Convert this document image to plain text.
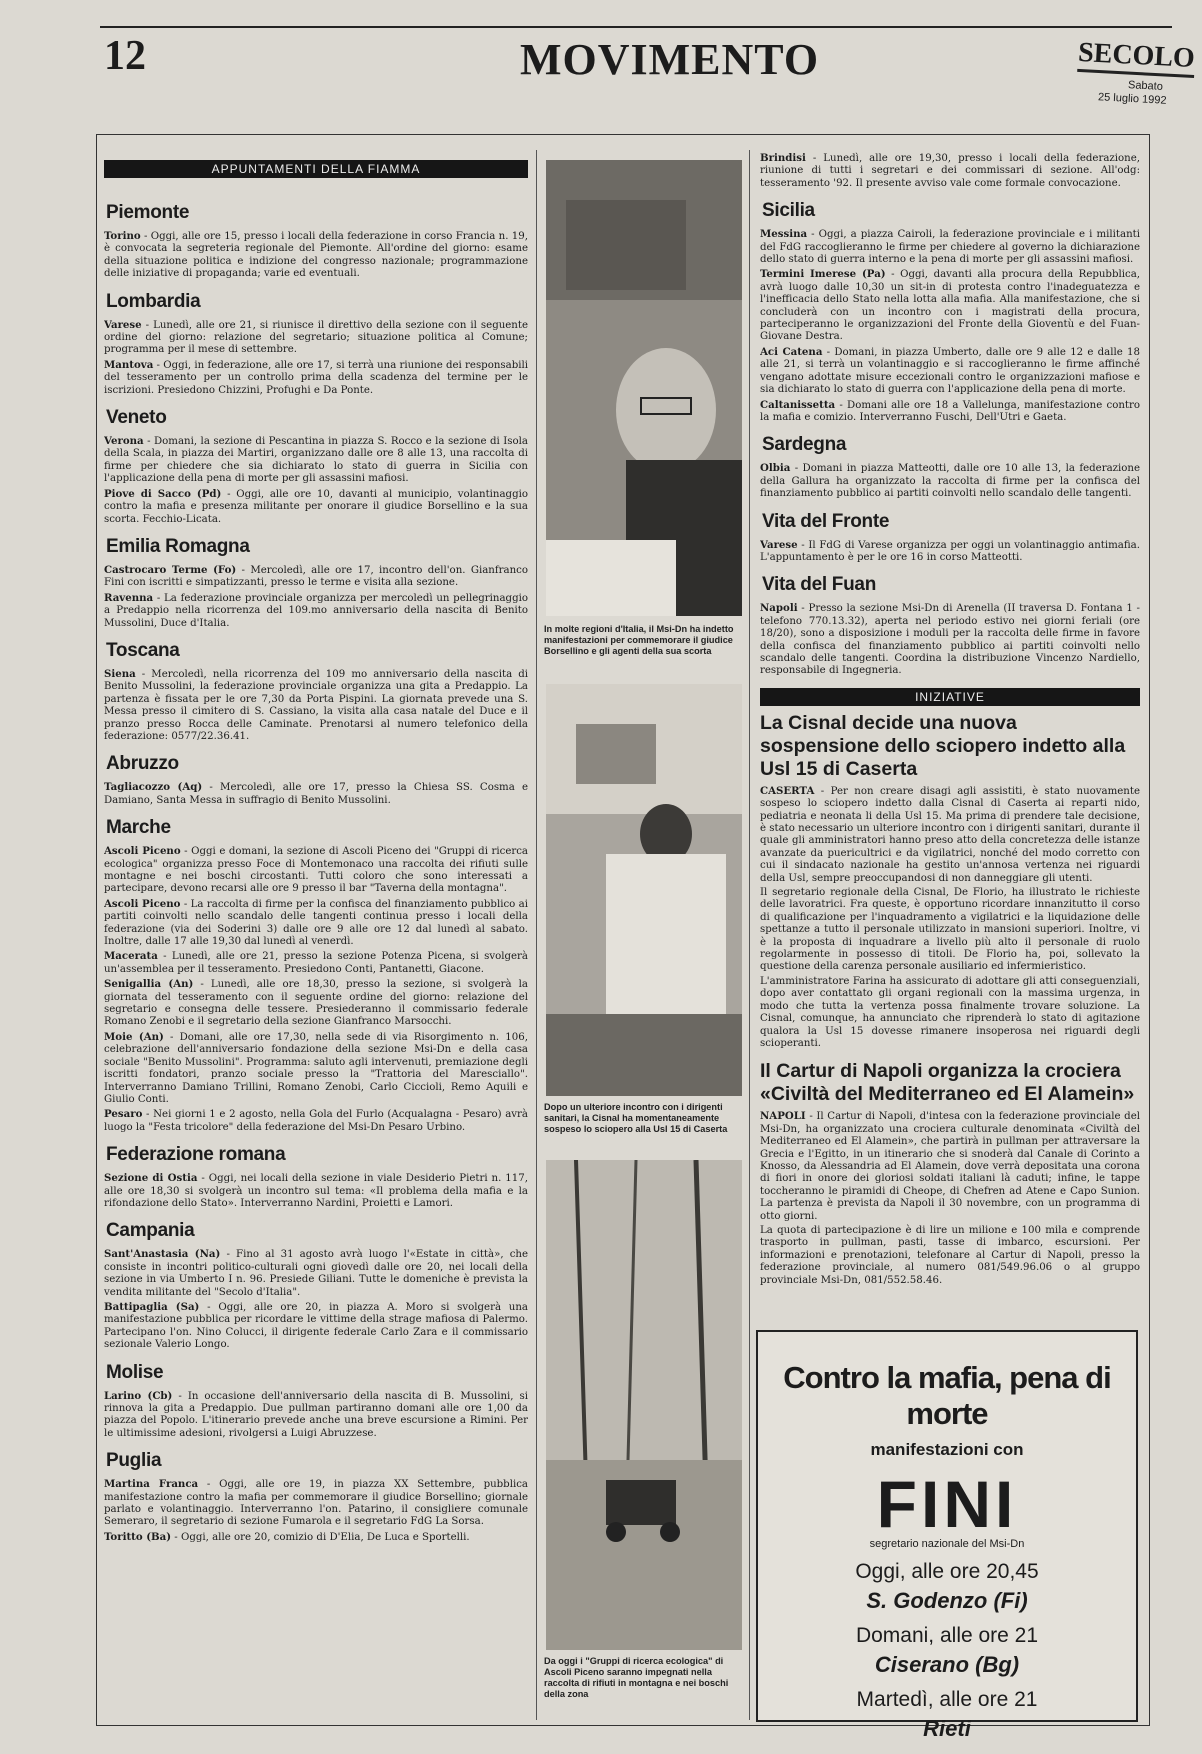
12	MOVIMENTO	SECOLO
Sabato
25 luglio 1992
APPUNTAMENTI DELLA FIAMMA
Piemonte

Torino - Oggi, alle ore 15, presso i locali della federazione in corso Francia n. 19, è convocata la segreteria regionale del Piemonte. All'ordine del giorno: esame della situazione politica e indizione del congresso nazionale; programmazione delle iniziative di propaganda; varie ed eventuali.

Lombardia

Varese - Lunedì, alle ore 21, si riunisce il direttivo della sezione con il seguente ordine del giorno: relazione del segretario; situazione politica al Comune; programma per il mese di settembre.

Mantova - Oggi, in federazione, alle ore 17, si terrà una riunione dei responsabili del tesseramento per un controllo prima della scadenza del termine per le iscrizioni. Presiedono Chizzini, Profughi e Da Ponte.

Veneto

Verona - Domani, la sezione di Pescantina in piazza S. Rocco e la sezione di Isola della Scala, in piazza dei Martiri, organizzano dalle ore 8 alle 13, una raccolta di firme per chiedere che sia dichiarato lo stato di guerra in Sicilia con l'applicazione della pena di morte per gli assassini mafiosi.

Piove di Sacco (Pd) - Oggi, alle ore 10, davanti al municipio, volantinaggio contro la mafia e presenza militante per onorare il giudice Borsellino e la sua scorta. Fecchio-Licata.

Emilia Romagna

Castrocaro Terme (Fo) - Mercoledì, alle ore 17, incontro dell'on. Gianfranco Fini con iscritti e simpatizzanti, presso le terme e visita alla sezione.

Ravenna - La federazione provinciale organizza per mercoledì un pellegrinaggio a Predappio nella ricorrenza del 109.mo anniversario della nascita di Benito Mussolini, Duce d'Italia.

Toscana

Siena - Mercoledì, nella ricorrenza del 109 mo anniversario della nascita di Benito Mussolini, la federazione provinciale organizza una gita a Predappio. La partenza è fissata per le ore 7,30 da Porta Pispini. La giornata prevede una S. Messa presso il cimitero di S. Cassiano, la visita alla casa natale del Duce e il pranzo presso Rocca delle Caminate. Prenotarsi al numero telefonico della federazione: 0577/22.36.41.

Abruzzo

Tagliacozzo (Aq) - Mercoledì, alle ore 17, presso la Chiesa SS. Cosma e Damiano, Santa Messa in suffragio di Benito Mussolini.

Marche

Ascoli Piceno - Oggi e domani, la sezione di Ascoli Piceno dei "Gruppi di ricerca ecologica" organizza presso Foce di Montemonaco una raccolta dei rifiuti sulle montagne e nei boschi circostanti. Tutti coloro che sono interessati a partecipare, devono recarsi alle ore 9 presso il bar "Taverna della montagna".

Ascoli Piceno - La raccolta di firme per la confisca del finanziamento pubblico ai partiti coinvolti nello scandalo delle tangenti continua presso i locali della federazione (via dei Soderini 3) dalle ore 9 alle ore 12 dal lunedì al sabato. Inoltre, dalle 17 alle 19,30 dal lunedì al venerdì.

Macerata - Lunedì, alle ore 21, presso la sezione Potenza Picena, si svolgerà un'assemblea per il tesseramento. Presiedono Conti, Pantanetti, Giacone.

Senigallia (An) - Lunedì, alle ore 18,30, presso la sezione, si svolgerà la giornata del tesseramento con il seguente ordine del giorno: relazione del segretario e consegna delle tessere. Presiederanno il commissario federale Romano Zenobi e il segretario della sezione Gianfranco Marsocchi.

Moie (An) - Domani, alle ore 17,30, nella sede di via Risorgimento n. 106, celebrazione dell'anniversario fondazione della sezione Msi-Dn e della casa sociale "Benito Mussolini". Programma: saluto agli intervenuti, premiazione degli iscritti fondatori, pranzo sociale presso la "Trattoria del Maresciallo". Interverranno Damiano Trillini, Romano Zenobi, Carlo Ciccioli, Remo Aquili e Giulio Conti.

Pesaro - Nei giorni 1 e 2 agosto, nella Gola del Furlo (Acqualagna - Pesaro) avrà luogo la "Festa tricolore" della federazione del Msi-Dn Pesaro Urbino.

Federazione romana

Sezione di Ostia - Oggi, nei locali della sezione in viale Desiderio Pietri n. 117, alle ore 18,30 si svolgerà un incontro sul tema: «Il problema della mafia e la rifondazione dello Stato». Interverranno Nardini, Proietti e Lamori.

Campania

Sant'Anastasia (Na) - Fino al 31 agosto avrà luogo l'«Estate in città», che consiste in incontri politico-culturali ogni giovedì dalle ore 20, nei locali della sezione in via Umberto I n. 96. Presiede Giliani. Tutte le domeniche è prevista la vendita militante del "Secolo d'Italia".

Battipaglia (Sa) - Oggi, alle ore 20, in piazza A. Moro si svolgerà una manifestazione pubblica per ricordare le vittime della strage mafiosa di Palermo. Partecipano l'on. Nino Colucci, il dirigente federale Carlo Zara e il commissario sezionale Valerio Longo.

Molise

Larino (Cb) - In occasione dell'anniversario della nascita di B. Mussolini, si rinnova la gita a Predappio. Due pullman partiranno domani alle ore 1,00 da piazza del Popolo. L'itinerario prevede anche una breve escursione a Rimini. Per le ultimissime adesioni, rivolgersi a Luigi Abruzzese.

Puglia

Martina Franca - Oggi, alle ore 19, in piazza XX Settembre, pubblica manifestazione contro la mafia per commemorare il giudice Borsellino; giornale parlato e volantinaggio. Interverranno l'on. Patarino, il consigliere comunale Semeraro, il segretario di sezione Fumarola e il segretario FdG La Sorsa.

Toritto (Ba) - Oggi, alle ore 20, comizio di D'Elia, De Luca e Sportelli.

In molte regioni d'Italia, il Msi-Dn ha indetto manifestazioni per commemorare il giudice Borsellino e gli agenti della sua scorta
Dopo un ulteriore incontro con i dirigenti sanitari, la Cisnal ha momentaneamente sospeso lo sciopero alla Usl 15 di Caserta
Da oggi i "Gruppi di ricerca ecologica" di Ascoli Piceno saranno impegnati nella raccolta di rifiuti in montagna e nei boschi della zona

Brindisi - Lunedì, alle ore 19,30, presso i locali della federazione, riunione di tutti i segretari e dei commissari di sezione. All'odg: tesseramento '92. Il presente avviso vale come formale convocazione.

Sicilia

Messina - Oggi, a piazza Cairoli, la federazione provinciale e i militanti del FdG raccoglieranno le firme per chiedere al governo la dichiarazione dello stato di guerra interno e la pena di morte per gli assassini mafiosi.

Termini Imerese (Pa) - Oggi, davanti alla procura della Repubblica, avrà luogo dalle 10,30 un sit-in di protesta contro l'inadeguatezza e l'inefficacia dello Stato nella lotta alla mafia. Alla manifestazione, che si concluderà con un incontro con i magistrati della procura, parteciperanno le organizzazioni del Fronte della Gioventù e del Fuan-Giovane Destra.

Aci Catena - Domani, in piazza Umberto, dalle ore 9 alle 12 e dalle 18 alle 21, si terrà un volantinaggio e si raccoglieranno le firme affinché vengano adottate misure eccezionali contro le organizzazioni mafiose e sia dichiarato lo stato di guerra con l'applicazione della pena di morte.

Caltanissetta - Domani alle ore 18 a Vallelunga, manifestazione contro la mafia e comizio. Interverranno Fuschi, Dell'Utri e Gaeta.

Sardegna

Olbia - Domani in piazza Matteotti, dalle ore 10 alle 13, la federazione della Gallura ha organizzato la raccolta di firme per la confisca del finanziamento pubblico ai partiti coinvolti nello scandalo delle tangenti.

Vita del Fronte

Varese - Il FdG di Varese organizza per oggi un volantinaggio antimafia. L'appuntamento è per le ore 16 in corso Matteotti.

Vita del Fuan

Napoli - Presso la sezione Msi-Dn di Arenella (II traversa D. Fontana 1 - telefono 770.13.32), aperta nel periodo estivo nei giorni feriali (ore 18/20), sono a disposizione i moduli per la raccolta delle firme in favore della confisca del finanziamento pubblico ai partiti coinvolti nello scandalo delle tangenti. Coordina la distribuzione Vincenzo Nardiello, responsabile di Ingegneria.

INIZIATIVE
La Cisnal decide una nuova sospensione dello sciopero indetto alla Usl 15 di Caserta

CASERTA - Per non creare disagi agli assistiti, è stato nuovamente sospeso lo sciopero indetto dalla Cisnal di Caserta ai reparti nido, pediatria e neonata li della Usl 15. Ma prima di prendere tale decisione, è stato necessario un ulteriore incontro con i dirigenti sanitari, durante il quale gli amministratori hanno preso atto della concretezza delle istanze avanzate da puericultrici e da vigilatrici, nonché del modo corretto con cui il sindacato nazionale ha gestito un'annosa vertenza nei riguardi della Usl, sempre preoccupandosi di non danneggiare gli utenti.

Il segretario regionale della Cisnal, De Florio, ha illustrato le richieste delle lavoratrici. Fra queste, è opportuno ricordare innanzitutto il corso di qualificazione per l'inquadramento a vigilatrici e la liquidazione delle spettanze a tutto il personale utilizzato in mansioni superiori. Inoltre, vi è la proposta di inquadrare a livello più alto il personale di ruolo regolarmente in possesso di titoli. De Florio ha, poi, sollevato la questione della carenza personale ausiliario ed infermieristico.

L'amministratore Farina ha assicurato di adottare gli atti conseguenziali, dopo aver contattato gli organi regionali con la massima urgenza, in modo che tutta la vertenza possa finalmente trovare soluzione. La Cisnal, comunque, ha annunciato che riprenderà lo stato di agitazione qualora la Usl 15 dovesse rimanere insoperosa nei riguardi degli scioperanti.

Il Cartur di Napoli organizza la crociera «Civiltà del Mediterraneo ed El Alamein»

NAPOLI - Il Cartur di Napoli, d'intesa con la federazione provinciale del Msi-Dn, ha organizzato una crociera culturale denominata «Civiltà del Mediterraneo ed El Alamein», che partirà in pullman per attraversare la Grecia e l'Egitto, in un itinerario che si snoderà dal Canale di Corinto a Knosso, da Alessandria ad El Alamein, dove verrà depositata una corona di fiori in onore dei gloriosi soldati italiani là caduti; infine, le tappe toccheranno le piramidi di Cheope, di Chefren ad Atene e Capo Sunion. La partenza è prevista da Napoli il 30 novembre, con un programma di otto giorni.

La quota di partecipazione è di lire un milione e 100 mila e comprende trasporto in pullman, pasti, tasse di imbarco, escursioni. Per informazioni e prenotazioni, telefonare al Cartur di Napoli, presso la federazione provinciale, al numero 081/549.96.06 o al gruppo provinciale Msi-Dn, 081/552.58.46.

Contro la mafia, pena di morte
manifestazioni con
FINI
segretario nazionale del Msi-Dn
Oggi, alle ore 20,45
S. Godenzo (Fi)
Domani, alle ore 21
Ciserano (Bg)
Martedì, alle ore 21
Rieti
